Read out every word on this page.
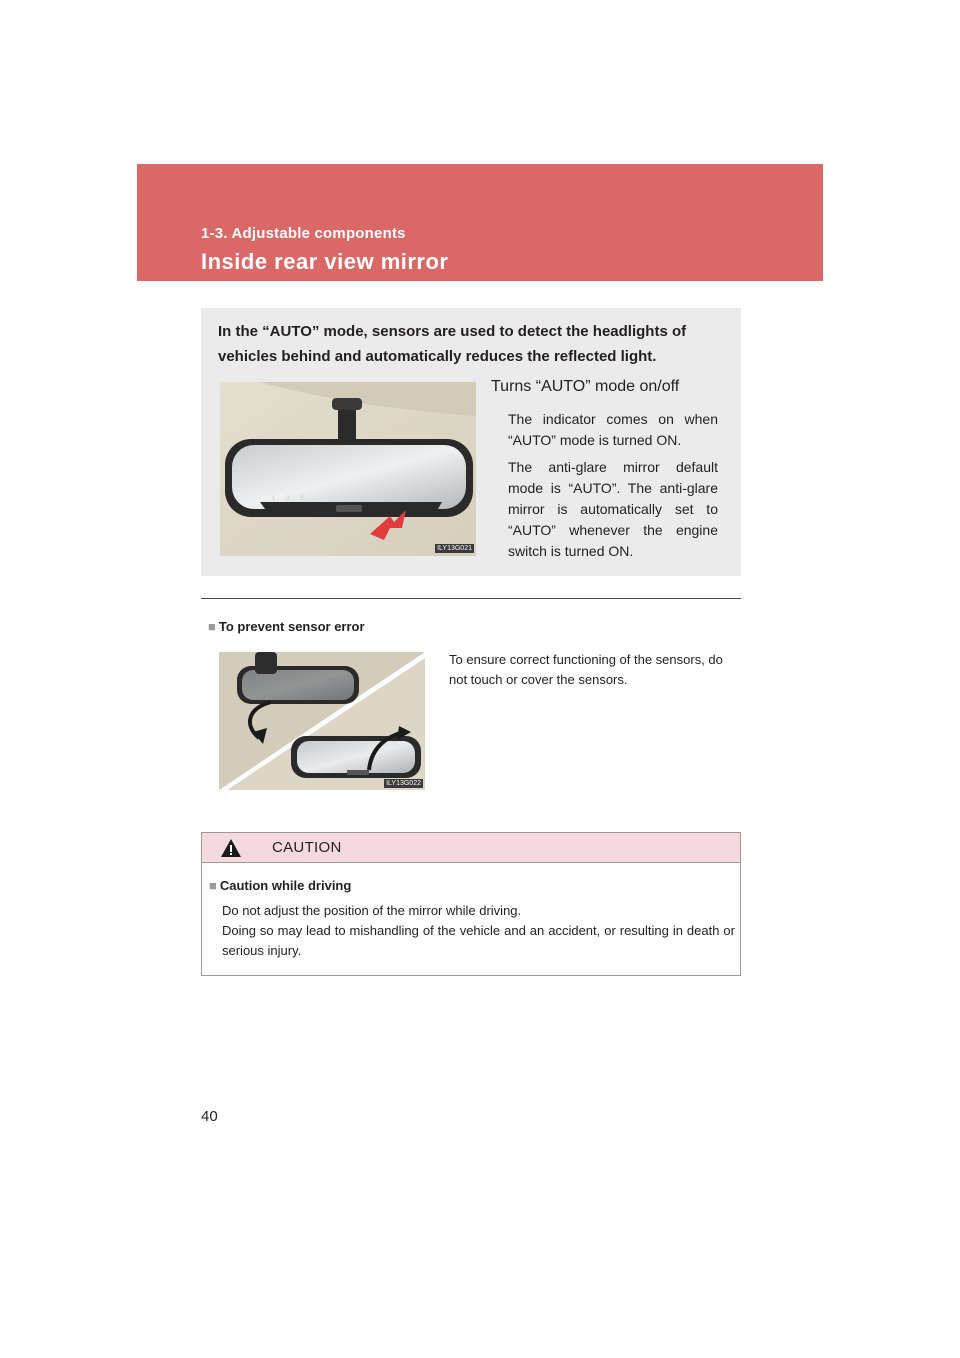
1-3. Adjustable components
Inside rear view mirror
In the “AUTO” mode, sensors are used to detect the headlights of vehicles behind and automatically reduces the reflected light.
1 2 3
ILY13G021
Turns “AUTO” mode on/off
The indicator comes on when “AUTO” mode is turned ON.
The anti-glare mirror default mode is “AUTO”. The anti-glare mirror is automatically set to “AUTO” whenever the engine switch is turned ON.
■ To prevent sensor error
ILY13G022
To ensure correct functioning of the sensors, do not touch or cover the sensors.
CAUTION
■ Caution while driving
Do not adjust the position of the mirror while driving.
Doing so may lead to mishandling of the vehicle and an accident, or resulting in death or serious injury.
40
